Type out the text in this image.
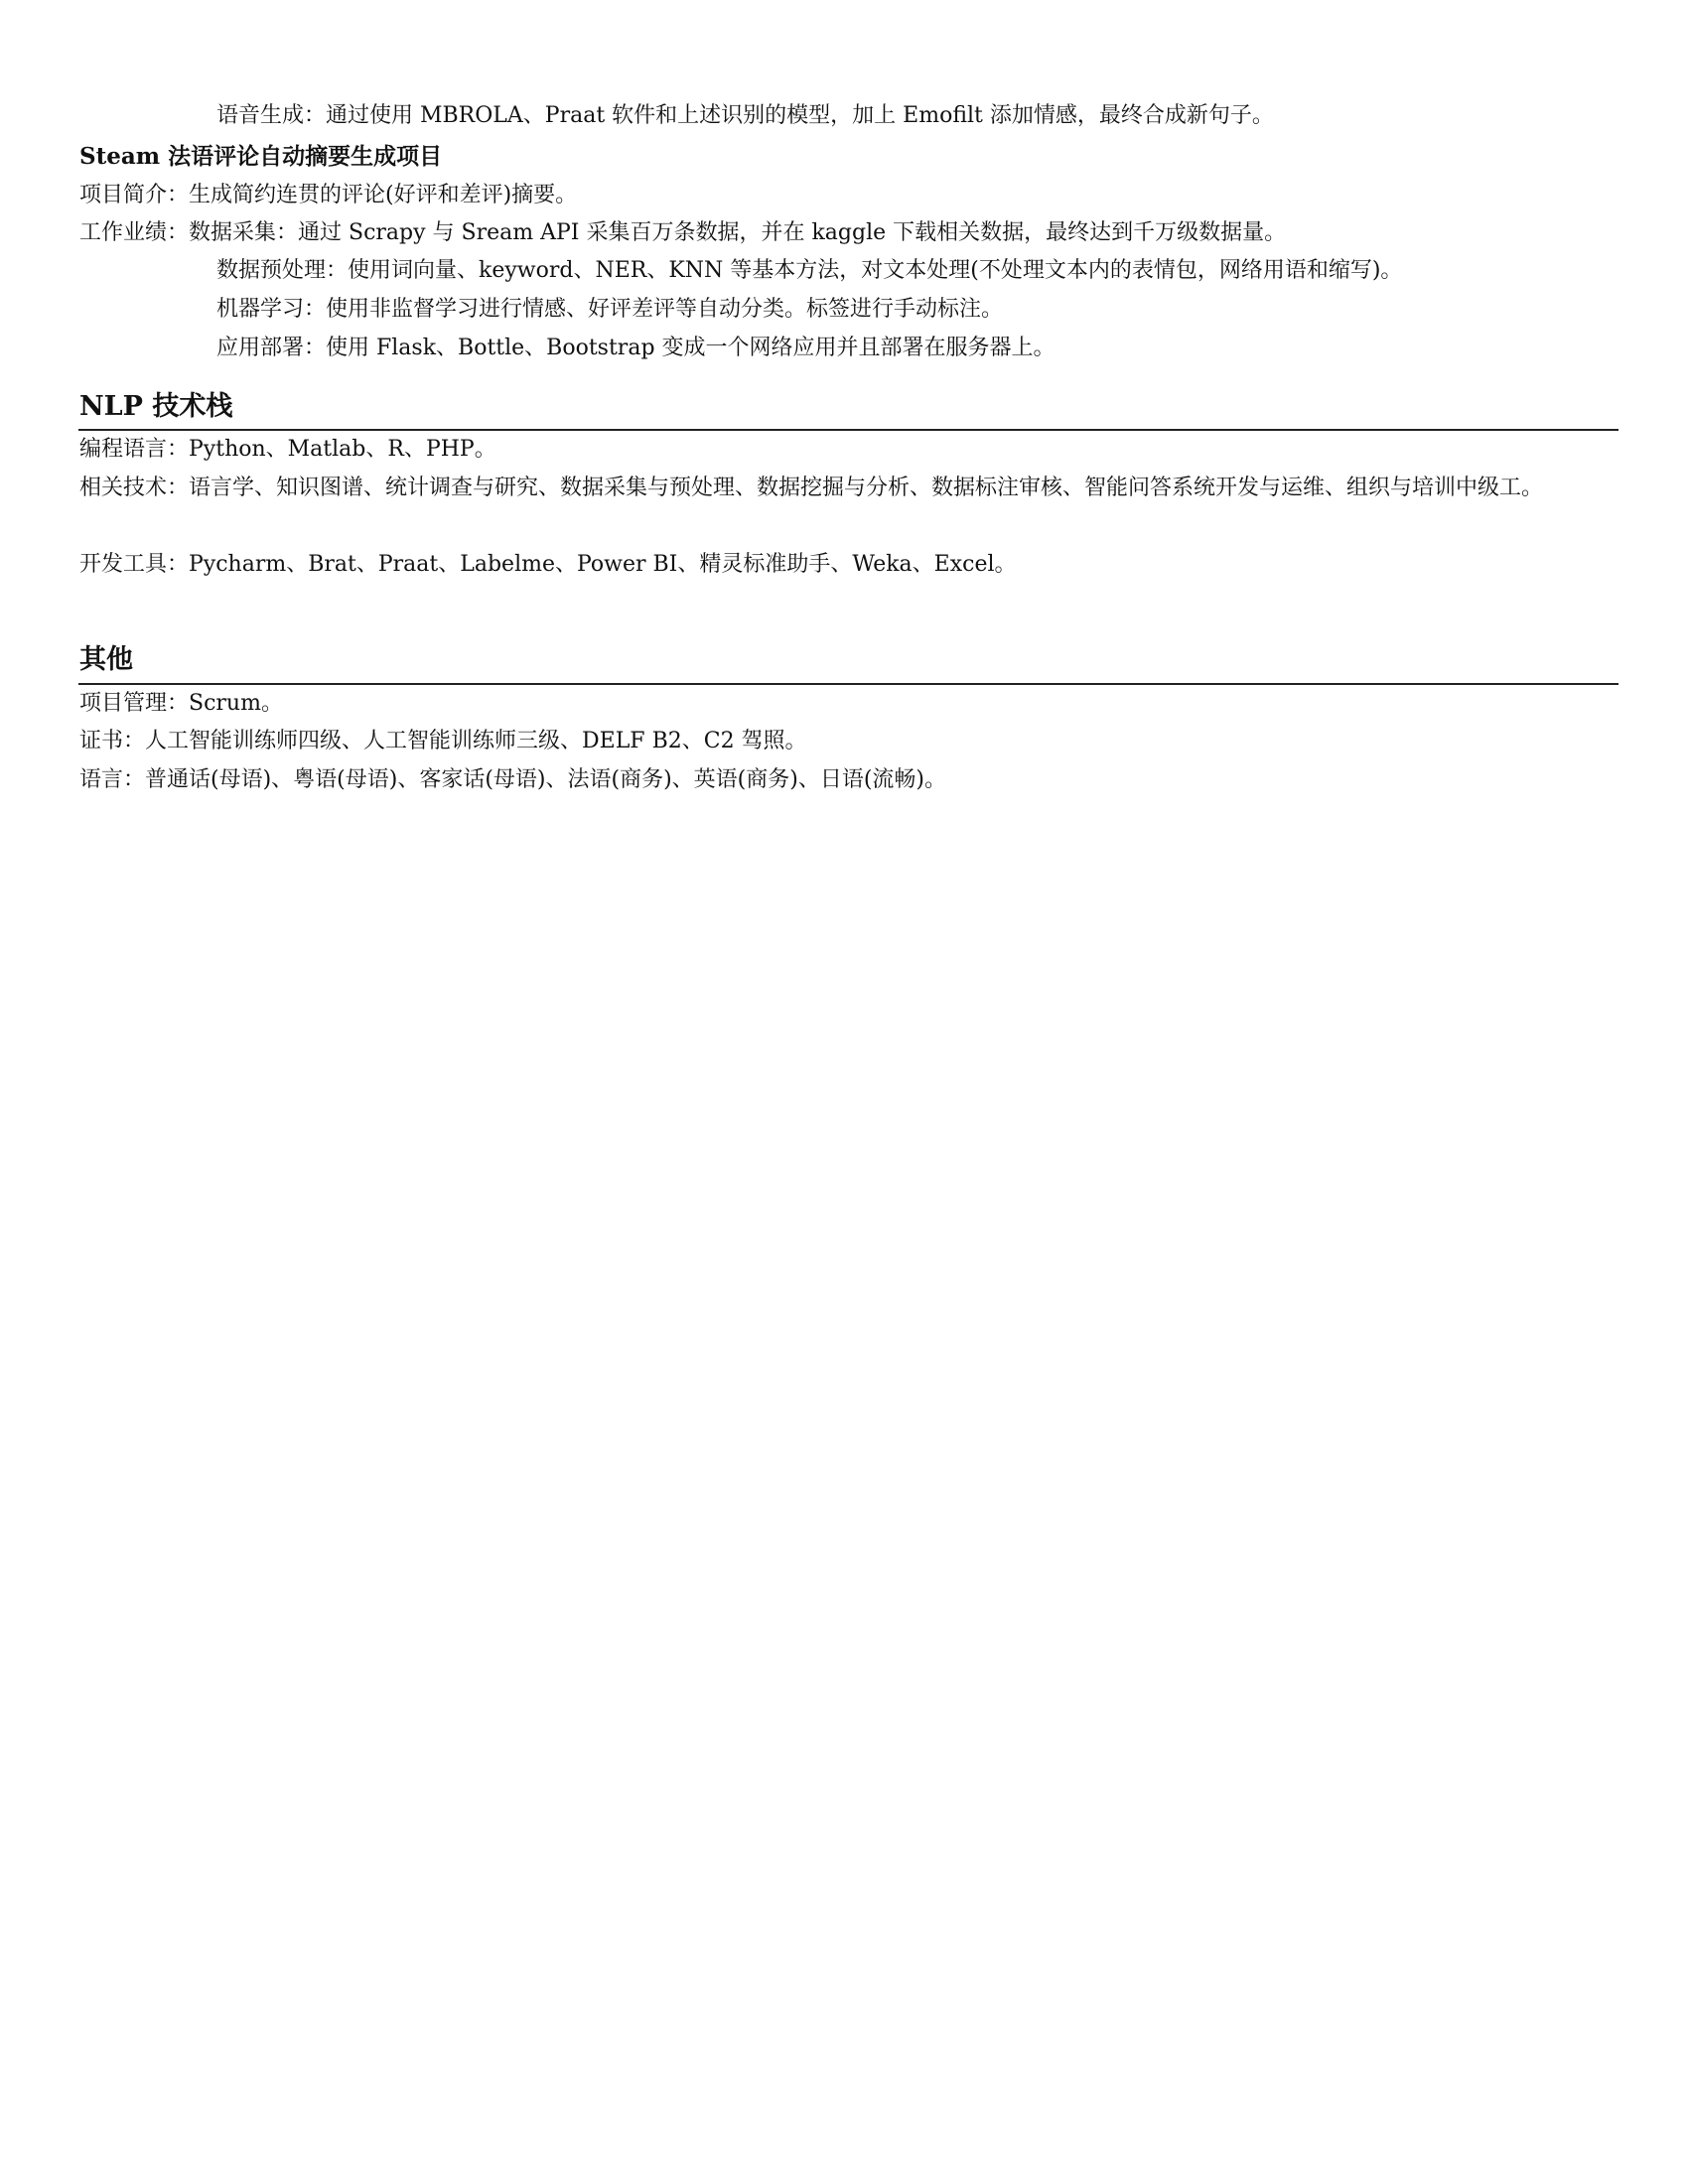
语音生成：通过使用 MBROLA、Praat 软件和上述识别的模型，加上 Emofilt 添加情感，最终合成新句子。
Steam 法语评论自动摘要生成项目
项目简介：生成简约连贯的评论(好评和差评)摘要。
工作业绩：数据采集：通过 Scrapy 与 Sream API 采集百万条数据，并在 kaggle 下载相关数据，最终达到千万级数据量。
数据预处理：使用词向量、keyword、NER、KNN 等基本方法，对文本处理(不处理文本内的表情包，网络用语和缩写)。
机器学习：使用非监督学习进行情感、好评差评等自动分类。标签进行手动标注。
应用部署：使用 Flask、Bottle、Bootstrap 变成一个网络应用并且部署在服务器上。
NLP 技术栈
编程语言：Python、Matlab、R、PHP。
相关技术：语言学、知识图谱、统计调查与研究、数据采集与预处理、数据挖掘与分析、数据标注审核、智能问答系统开发与运维、组织与培训中级工。
开发工具：Pycharm、Brat、Praat、Labelme、Power BI、精灵标准助手、Weka、Excel。
其他
项目管理：Scrum。
证书：人工智能训练师四级、人工智能训练师三级、DELF B2、C2 驾照。
语言：普通话(母语)、粤语(母语)、客家话(母语)、法语(商务)、英语(商务)、日语(流畅)。
